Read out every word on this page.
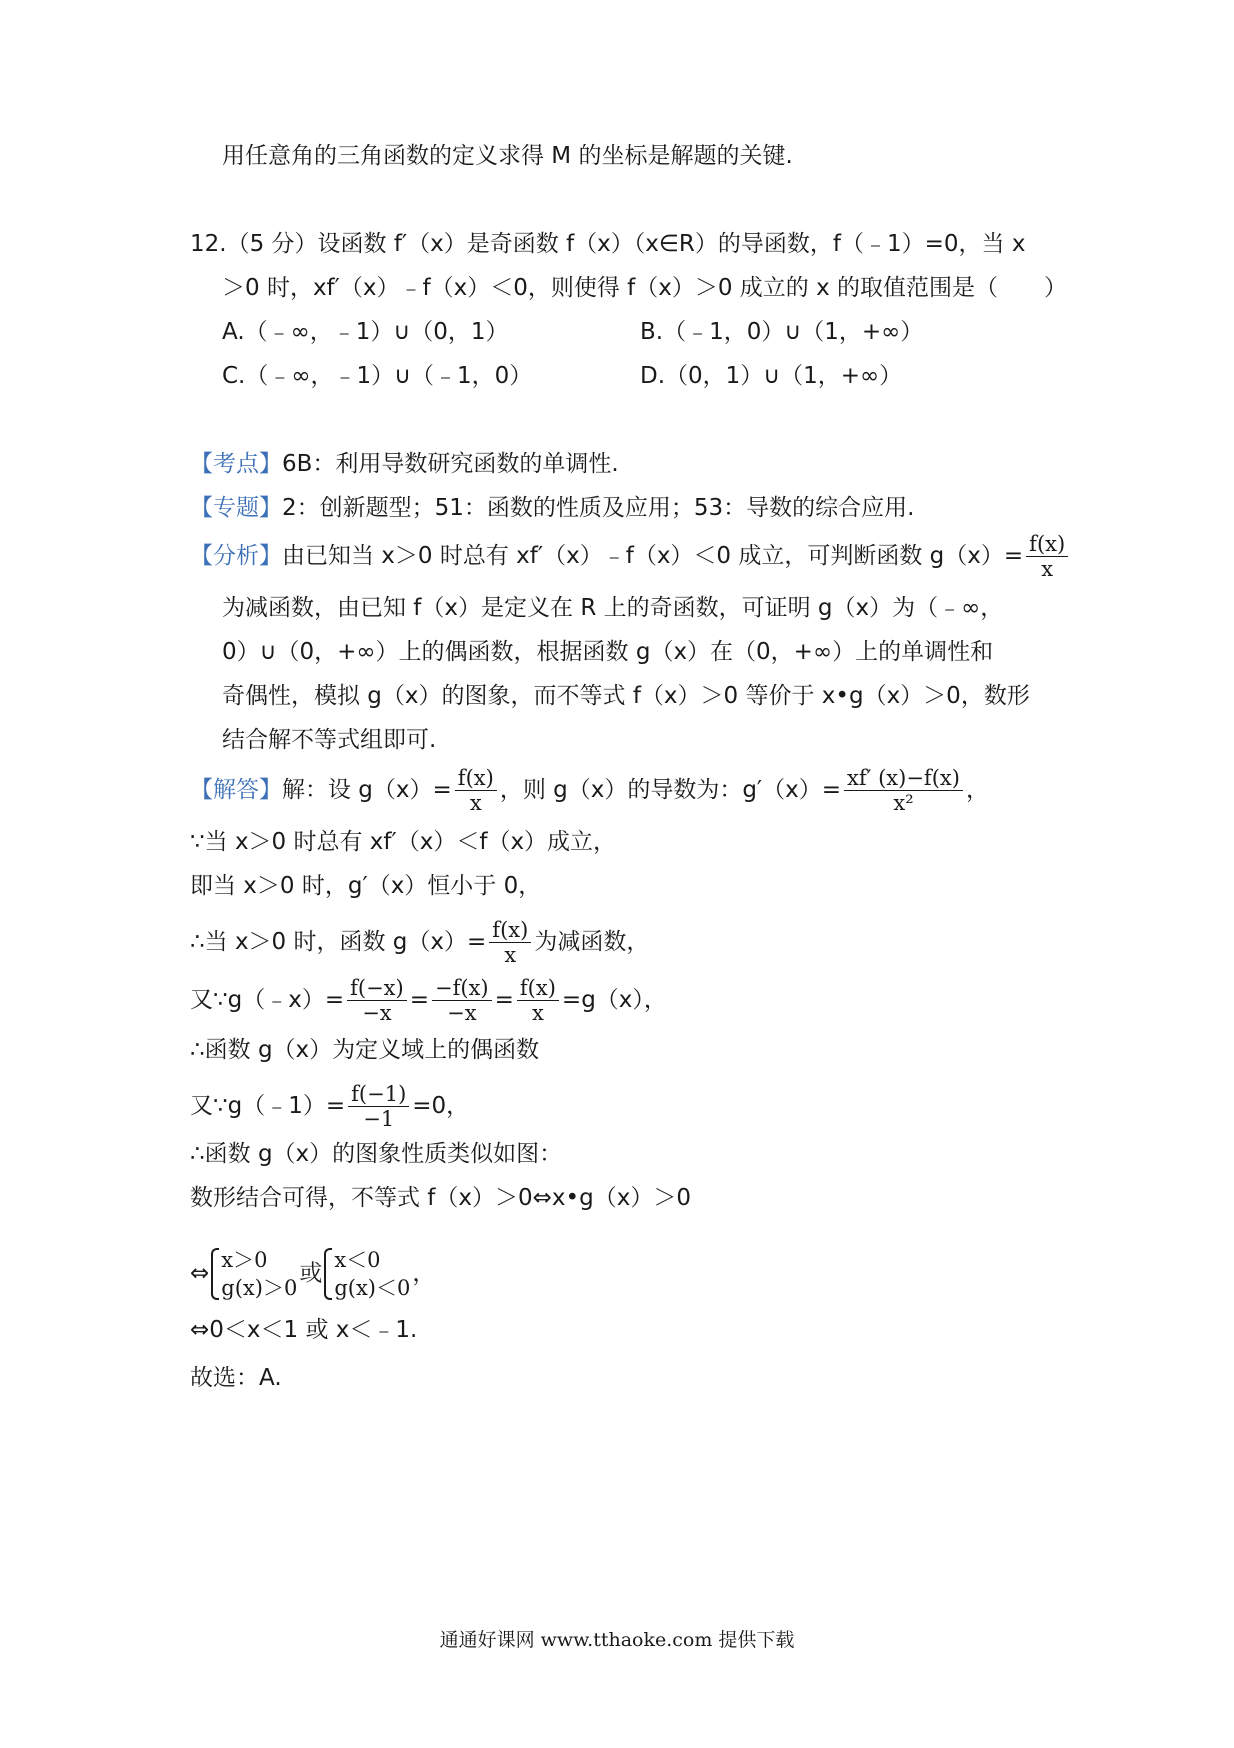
用任意角的三角函数的定义求得 M 的坐标是解题的关键.
12.（5 分）设函数 f′（x）是奇函数 f（x）（x∈R）的导函数，f（﹣1）=0，当 x
＞0 时，xf′（x）﹣f（x）＜0，则使得 f（x）＞0 成立的 x 的取值范围是（　　）
A.（﹣∞，﹣1）∪（0，1）	B.（﹣1，0）∪（1，+∞）
C.（﹣∞，﹣1）∪（﹣1，0）	D.（0，1）∪（1，+∞）
【考点】6B：利用导数研究函数的单调性.
【专题】2：创新题型；51：函数的性质及应用；53：导数的综合应用.
【分析】由已知当 x＞0 时总有 xf′（x）﹣f（x）＜0 成立，可判断函数 $g(x)= \frac{f(x)}{x}$
为减函数，由已知 f（x）是定义在 R 上的奇函数，可证明 g（x）为（﹣∞，
0）∪（0，+∞）上的偶函数，根据函数 g（x）在（0，+∞）上的单调性和
奇偶性，模拟 g（x）的图象，而不等式 f（x）＞0 等价于 x•g（x）＞0，数形
结合解不等式组即可.
【解答】解：设 $g(x)= \frac{f(x)}{x}$ ，则 g（x）的导数为：$g'(x)= \frac{xf' (x)-f(x)}{\text{x²}}$ ，
∵当 x＞0 时总有 xf′（x）＜f（x）成立，
即当 x＞0 时，g′（x）恒小于 0，
∴当 x＞0 时，函数 $g(x)= \frac{f(x)}{x}$ 为减函数，
又∵g（﹣x）= $\frac{f(-x)}{-x} = \frac{-f(x)}{-x} = \frac{f(x)}{x} =g(x)$，
∴函数 g（x）为定义域上的偶函数
又∵g（﹣1）= $\frac{f(-1)}{-1} =0$，
∴函数 g（x）的图象性质类似如图：
数形结合可得，不等式 f（x）＞0⇔x•g（x）＞0
⇔
x＞0
g(x)＞0
或
x＜0
g(x)＜0
，
⇔0＜x＜1 或 x＜﹣1.
故选：A.
通通好课网 www.tthaoke.com 提供下载
